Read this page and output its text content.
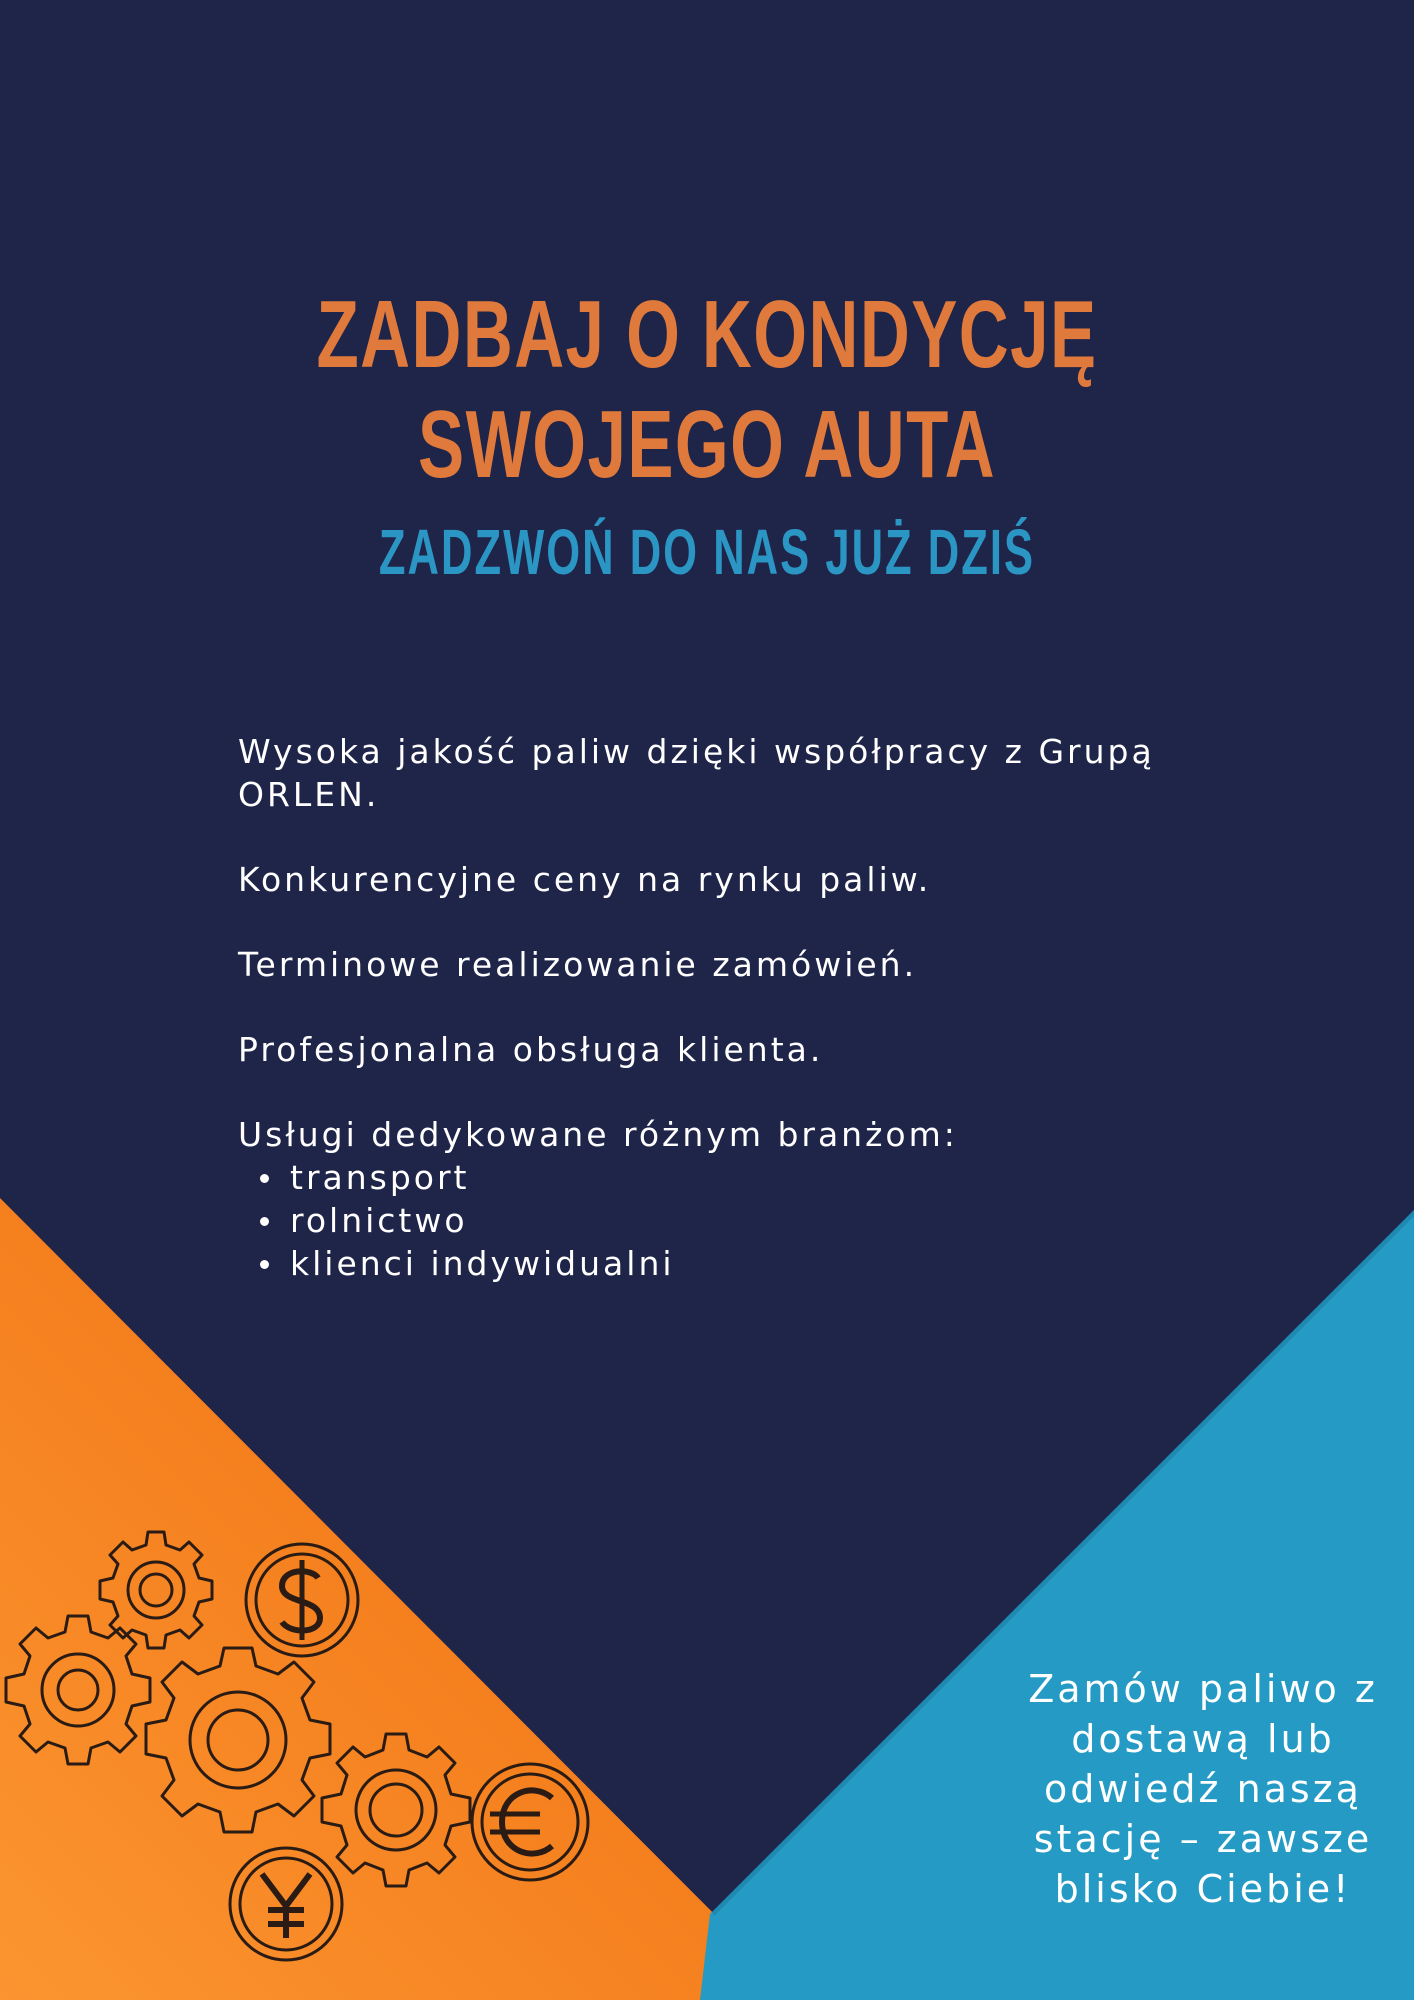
ZADBAJ O KONDYCJĘ SWOJEGO AUTA
ZADZWOŃ DO NAS JUŻ DZIŚ

Wysoka jakość paliw dzięki współpracy z Grupą
ORLEN.

Konkurencyjne ceny na rynku paliw.

Terminowe realizowanie zamówień.

Profesjonalna obsługa klienta.

Usługi dedykowane różnym branżom:

transport
rolnictwo
klienci indywidualni
Zamów paliwo z
dostawą lub
odwiedź naszą
stację – zawsze
blisko Ciebie!
